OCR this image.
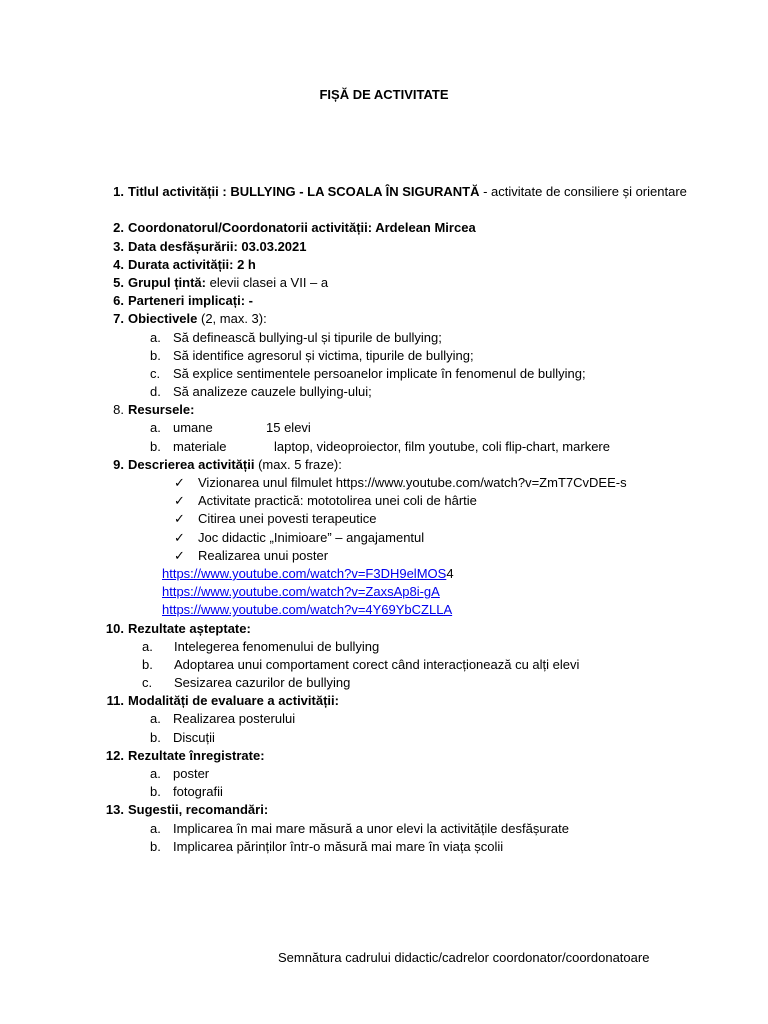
FIȘĂ DE ACTIVITATE
1. Titlul activității : BULLYING - LA SCOALA ÎN SIGURANTĂ - activitate de consiliere și orientare
2. Coordonatorul/Coordonatorii activității: Ardelean Mircea
3. Data desfășurării: 03.03.2021
4. Durata activității: 2 h
5. Grupul țintă: elevii clasei a VII – a
6. Parteneri implicați: -
7. Obiectivele (2, max. 3):
a. Să definească bullying-ul și tipurile de bullying;
b. Să identifice agresorul și victima, tipurile de bullying;
c. Să explice sentimentele persoanelor implicate în fenomenul de bullying;
d. Să analizeze cauzele bullying-ului;
8. Resursele:
a. umane	15 elevi
b. materiale	laptop, videoproiector, film youtube, coli flip-chart, markere
9. Descrierea activității (max. 5 fraze):
✓ Vizionarea unul filmulet https://www.youtube.com/watch?v=ZmT7CvDEE-s
✓ Activitate practică: mototolirea unei coli de hârtie
✓ Citirea unei povesti terapeutice
✓ Joc didactic „Inimioare” – angajamentul
✓ Realizarea unui poster
https://www.youtube.com/watch?v=F3DH9elMOS4
https://www.youtube.com/watch?v=ZaxsAp8i-gA
https://www.youtube.com/watch?v=4Y69YbCZLLA
10. Rezultate așteptate:
a. Intelegerea fenomenului de bullying
b. Adoptarea unui comportament corect când interacționează cu alți elevi
c. Sesizarea cazurilor de bullying
11. Modalități de evaluare a activității:
a. Realizarea posterului
b. Discuții
12. Rezultate înregistrate:
a. poster
b. fotografii
13. Sugestii, recomandări:
a. Implicarea în mai mare măsură a unor elevi la activitățile desfășurate
b. Implicarea părinților într-o măsură mai mare în viața școlii
Semnătura cadrului didactic/cadrelor coordonator/coordonatoare
